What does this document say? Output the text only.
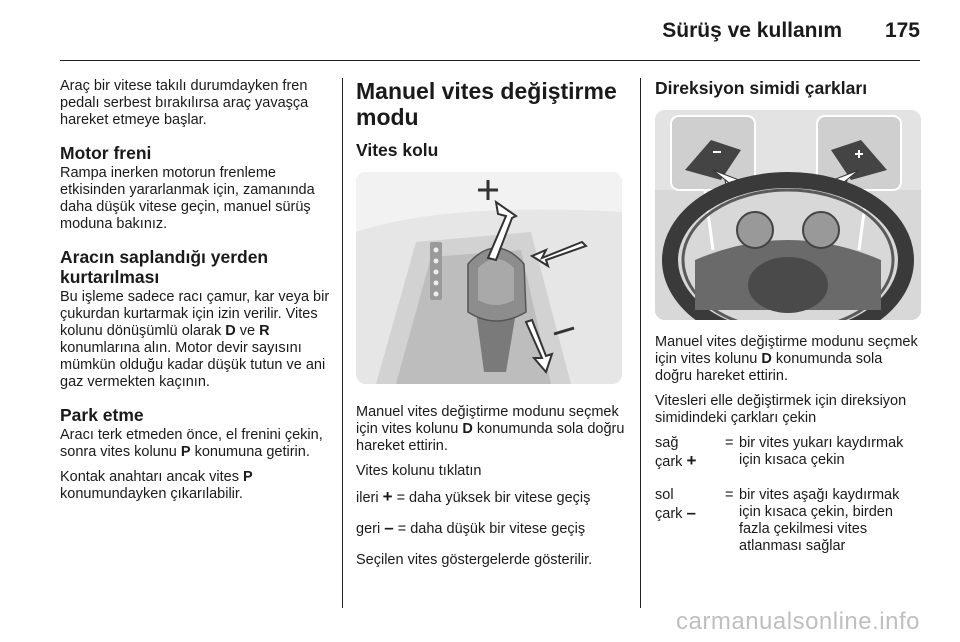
Sürüş ve kullanım 175

Araç bir vitese takılı durumdayken fren pedalı serbest bırakılırsa araç yavaşça hareket etmeye başlar.

Motor freni

Rampa inerken motorun frenleme etkisinden yararlanmak için, zamanında daha düşük vitese geçin, manuel sürüş moduna bakınız.

Aracın saplandığı yerden kurtarılması

Bu işleme sadece racı çamur, kar veya bir çukurdan kurtarmak için izin verilir. Vites kolunu dönüşümlü olarak D ve R konumlarına alın. Motor devir sayısını mümkün olduğu kadar düşük tutun ve ani gaz vermekten kaçının.

Park etme

Aracı terk etmeden önce, el frenini çekin, sonra vites kolunu P konumuna getirin.

Kontak anahtarı ancak vites P konumundayken çıkarılabilir.

Manuel vites değiştirme modu
Vites kolu

Manuel vites değiştirme modunu seçmek için vites kolunu D konumunda sola doğru hareket ettirin.

Vites kolunu tıklatın

ileri + = daha yüksek bir vitese geçiş
geri – = daha düşük bir vitese geçiş

Seçilen vites göstergelerde gösterilir.

Direksiyon simidi çarkları

Manuel vites değiştirme modunu seçmek için vites kolunu D konumunda sola doğru hareket ettirin.

Vitesleri elle değiştirmek için direksiyon simidindeki çarkları çekin

sağ
çark +
= bir vites yukarı kaydırmak için kısaca çekin
sol
çark –
= bir vites aşağı kaydırmak için kısaca çekin, birden fazla çekilmesi vites atlanması sağlar
carmanualsonline.info
